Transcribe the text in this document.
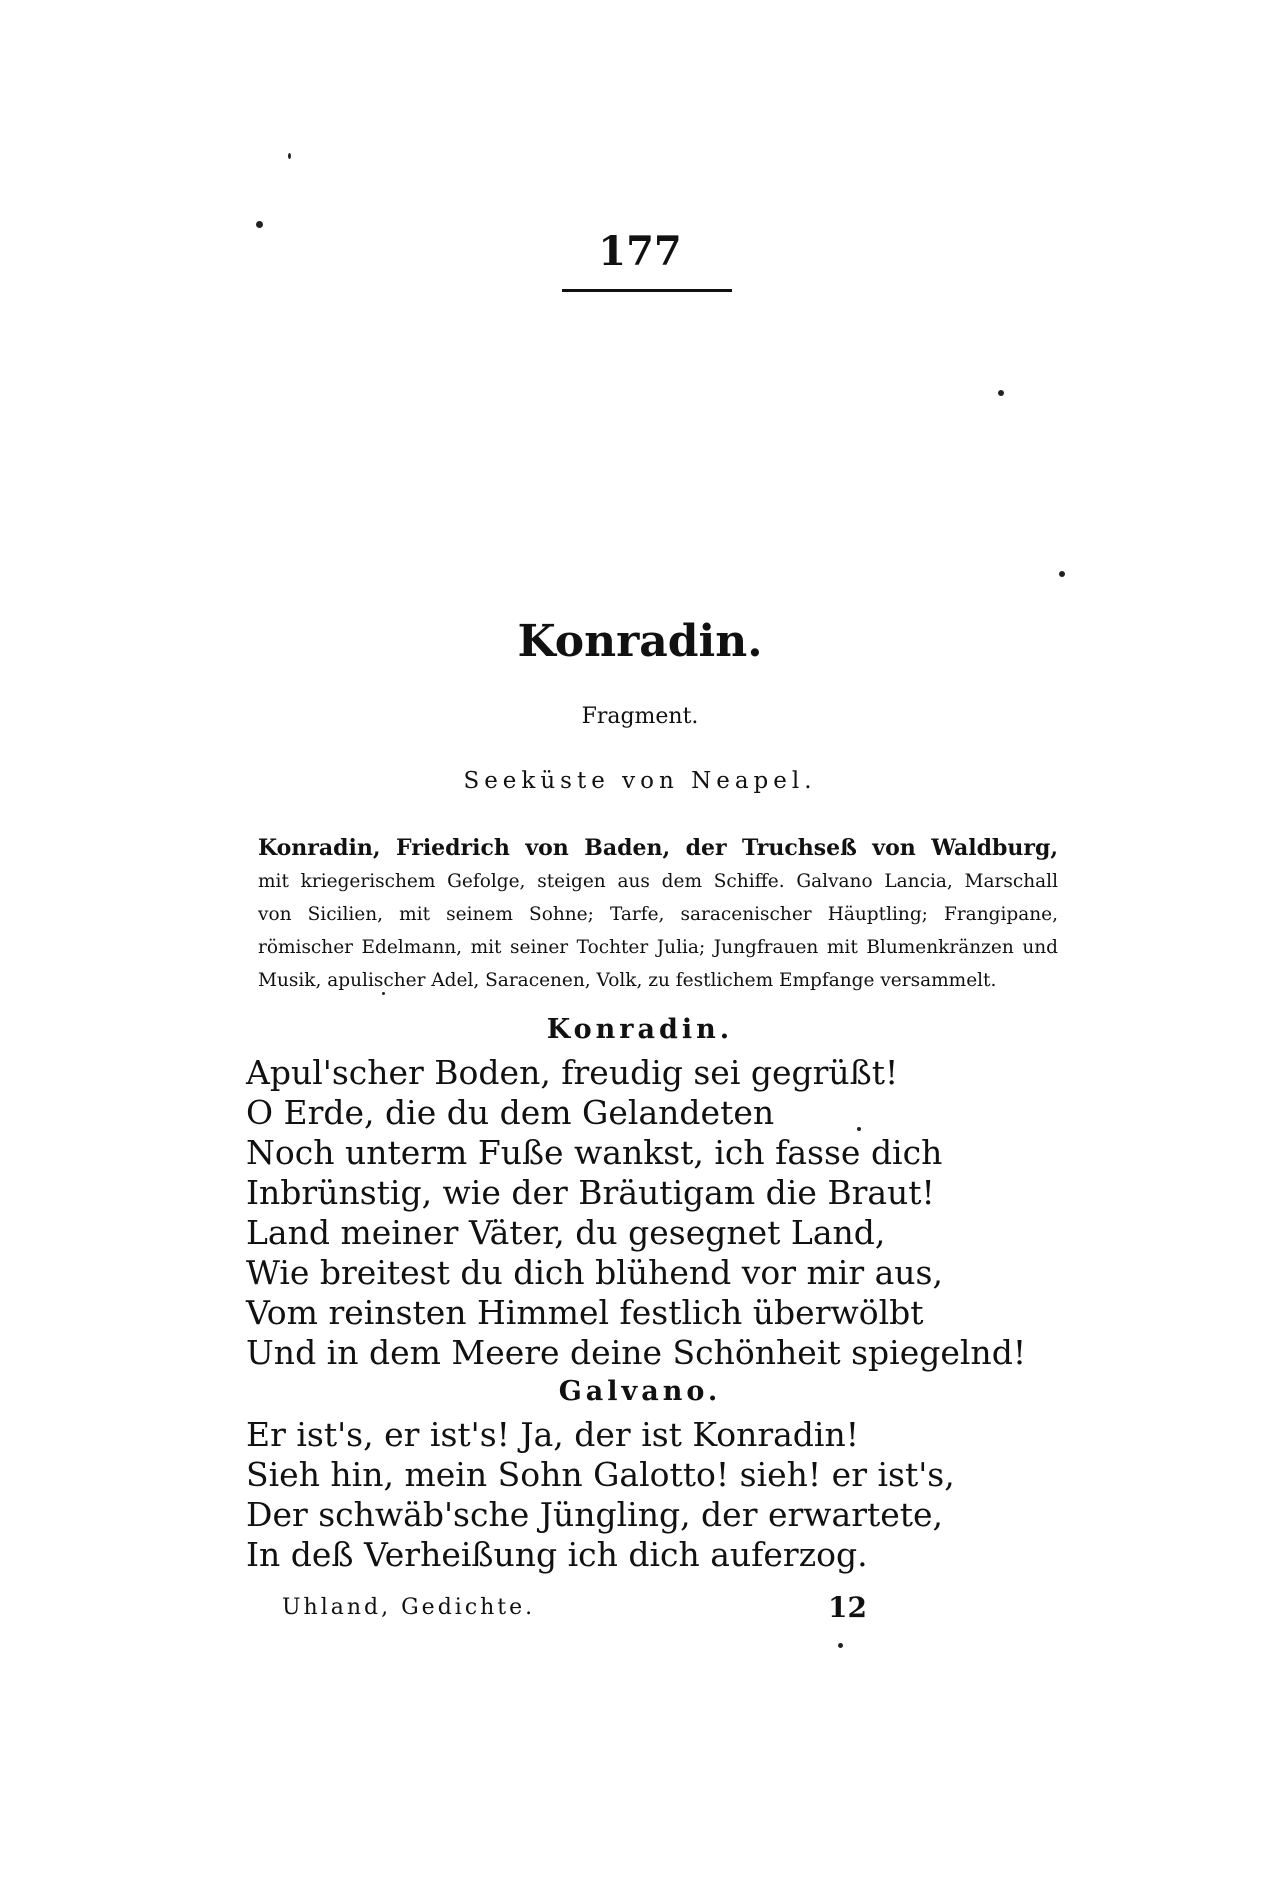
177
Konradin.
Fragment.
Seeküste von Neapel.
Konradin, Friedrich von Baden, der Truchseß von Waldburg,
mit kriegerischem Gefolge, steigen aus dem Schiffe. Galvano Lancia, Marschall
von Sicilien, mit seinem Sohne; Tarfe, saracenischer Häuptling; Frangipane,
römischer Edelmann, mit seiner Tochter Julia; Jungfrauen mit Blumenkränzen und
Musik, apulischer Adel, Saracenen, Volk, zu festlichem Empfange versammelt.
Konradin.
Apul'scher Boden, freudig sei gegrüßt!
O Erde, die du dem Gelandeten
Noch unterm Fuße wankst, ich fasse dich
Inbrünstig, wie der Bräutigam die Braut!
Land meiner Väter, du gesegnet Land,
Wie breitest du dich blühend vor mir aus,
Vom reinsten Himmel festlich überwölbt
Und in dem Meere deine Schönheit spiegelnd!
Galvano.
Er ist's, er ist's! Ja, der ist Konradin!
Sieh hin, mein Sohn Galotto! sieh! er ist's,
Der schwäb'sche Jüngling, der erwartete,
In deß Verheißung ich dich auferzog.
Uhland, Gedichte.	12
